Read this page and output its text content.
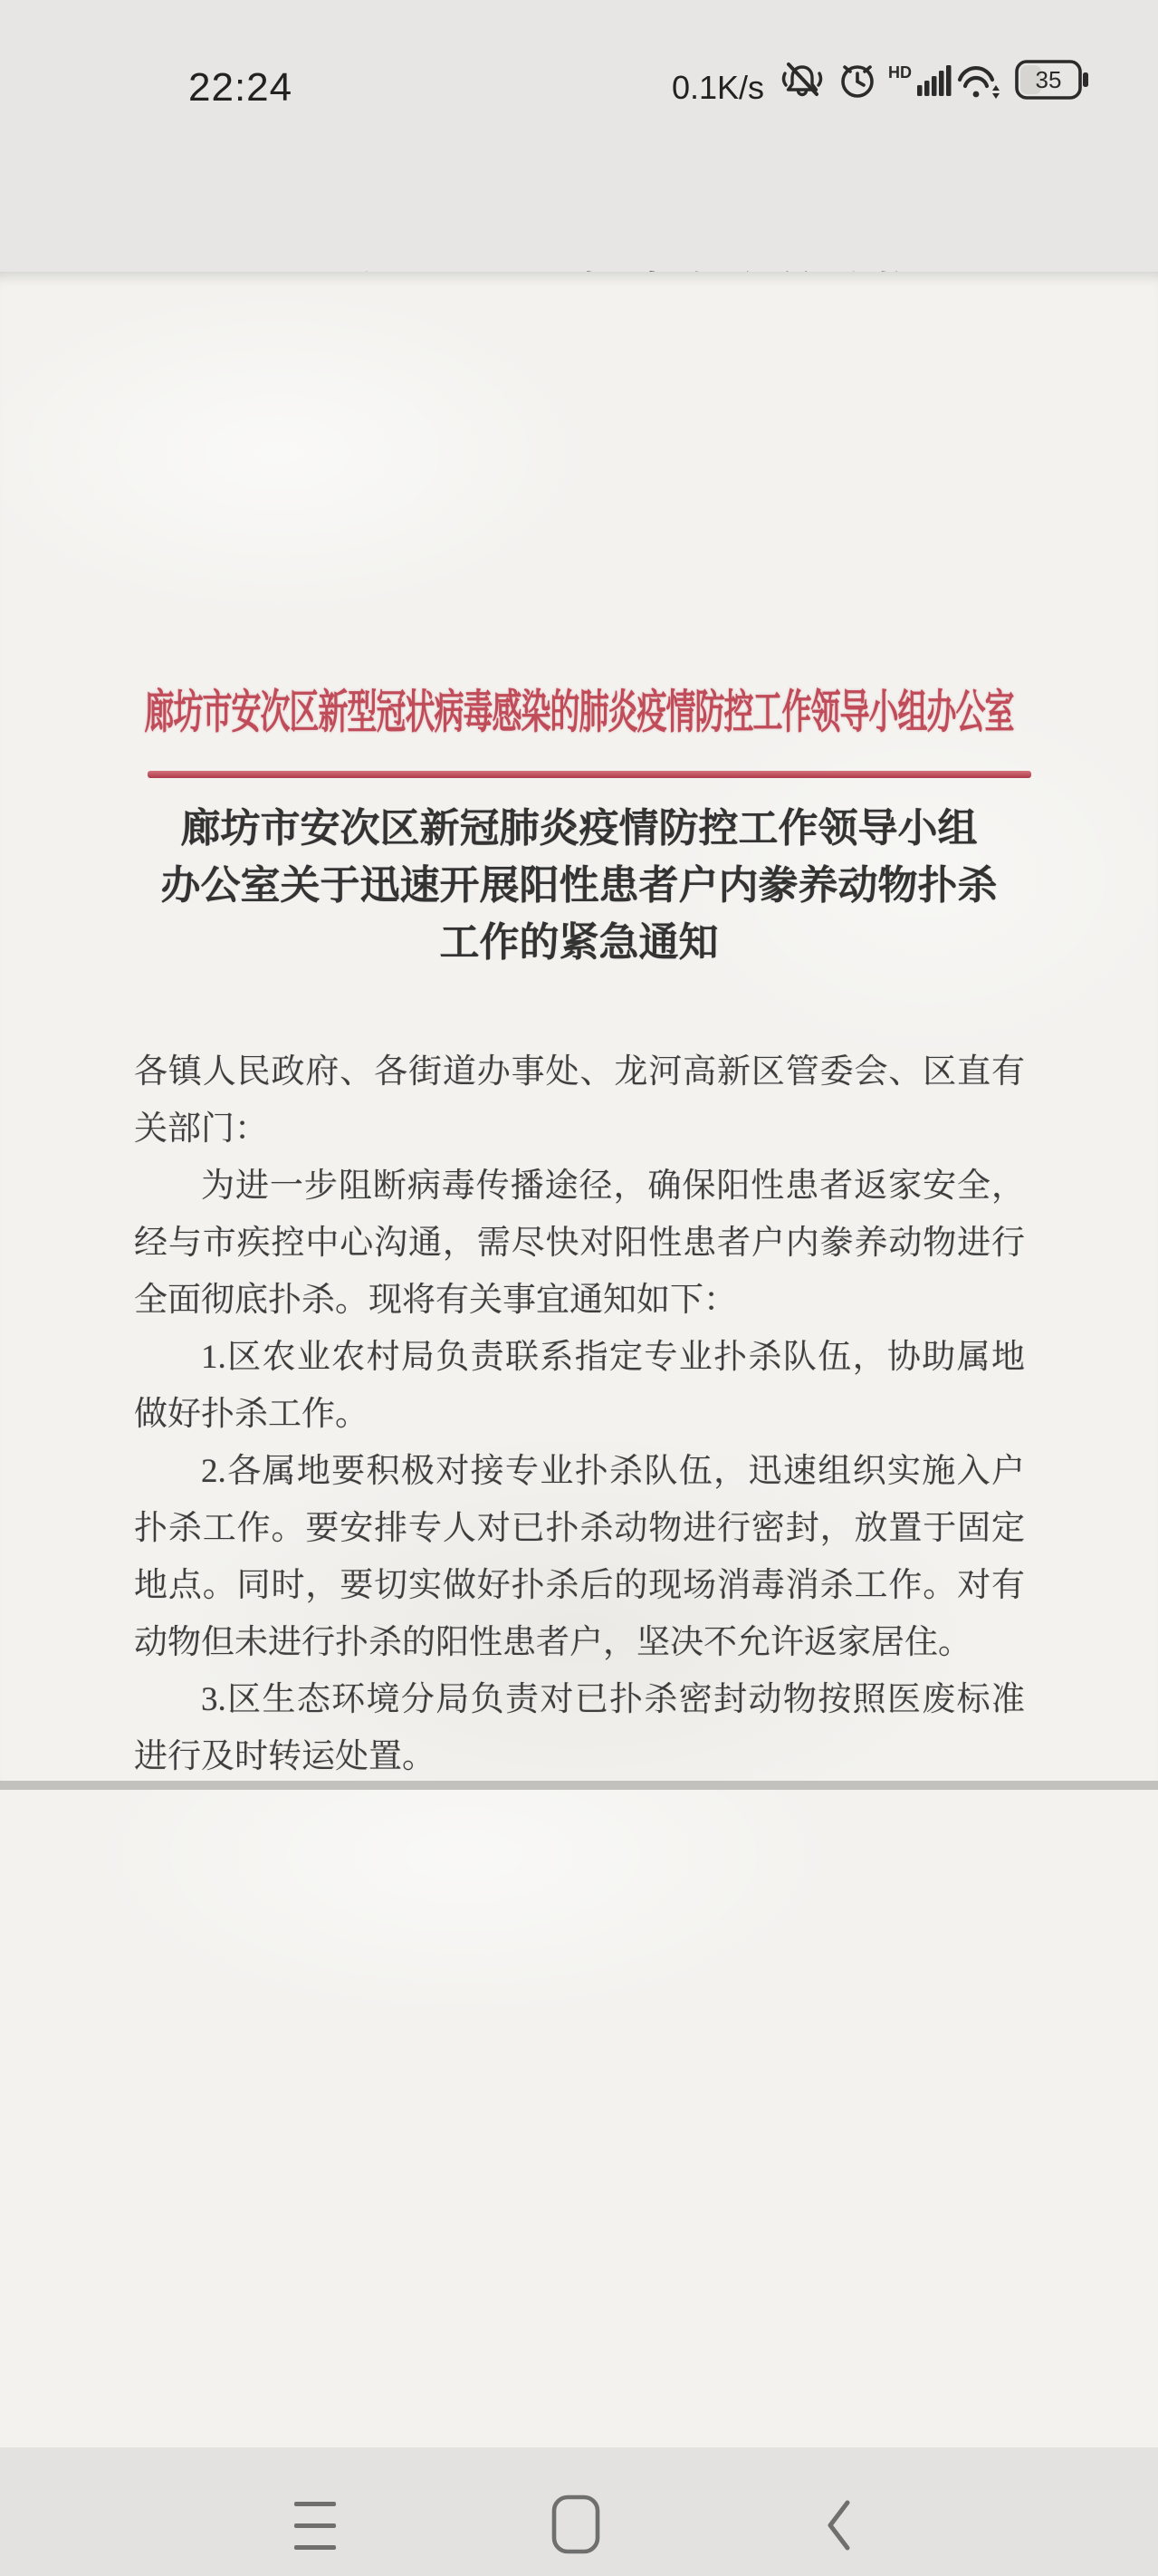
22:24	0.1K/s	HD	35
廊坊市安次区新型冠状病毒感染的肺炎疫情防控工作领导小组办公室
廊坊市安次区新冠肺炎疫情防控工作领导小组
办公室关于迅速开展阳性患者户内豢养动物扑杀
工作的紧急通知

各镇人民政府、各街道办事处、龙河高新区管委会、区直有关部门：

为进一步阻断病毒传播途径，确保阳性患者返家安全，经与市疾控中心沟通，需尽快对阳性患者户内豢养动物进行全面彻底扑杀。现将有关事宜通知如下：

1.区农业农村局负责联系指定专业扑杀队伍，协助属地做好扑杀工作。

2.各属地要积极对接专业扑杀队伍，迅速组织实施入户扑杀工作。要安排专人对已扑杀动物进行密封，放置于固定地点。同时，要切实做好扑杀后的现场消毒消杀工作。对有动物但未进行扑杀的阳性患者户，坚决不允许返家居住。

3.区生态环境分局负责对已扑杀密封动物按照医废标准进行及时转运处置。
